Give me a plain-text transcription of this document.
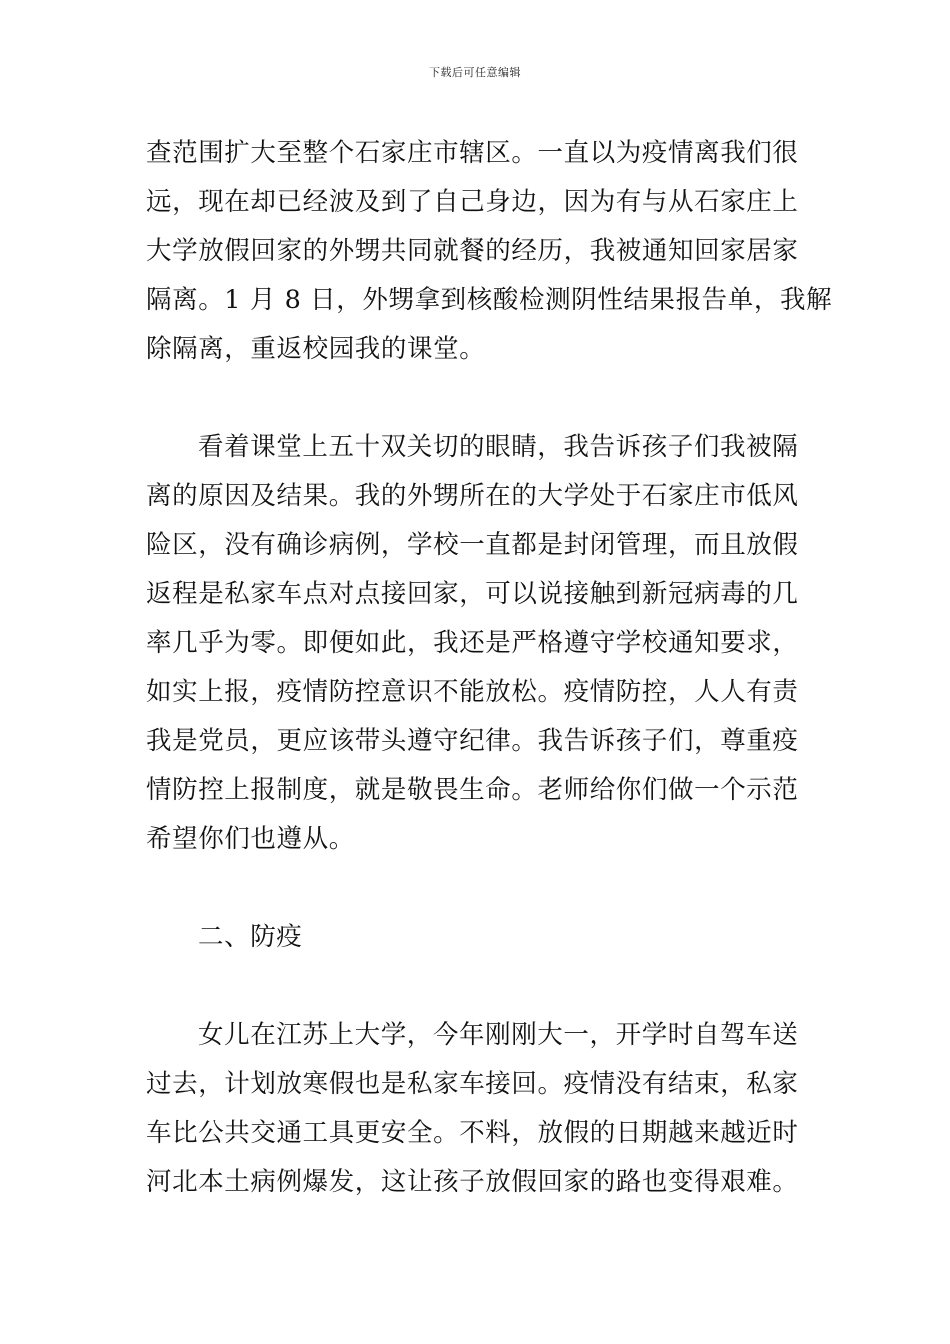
下载后可任意编辑
查范围扩大至整个石家庄市辖区。一直以为疫情离我们很
远，现在却已经波及到了自己身边，因为有与从石家庄上
大学放假回家的外甥共同就餐的经历，我被通知回家居家
隔离。1 月 8 日，外甥拿到核酸检测阴性结果报告单，我解
除隔离，重返校园我的课堂。
看着课堂上五十双关切的眼睛，我告诉孩子们我被隔
离的原因及结果。我的外甥所在的大学处于石家庄市低风
险区，没有确诊病例，学校一直都是封闭管理，而且放假
返程是私家车点对点接回家，可以说接触到新冠病毒的几
率几乎为零。即便如此，我还是严格遵守学校通知要求，
如实上报，疫情防控意识不能放松。疫情防控，人人有责
我是党员，更应该带头遵守纪律。我告诉孩子们，尊重疫
情防控上报制度，就是敬畏生命。老师给你们做一个示范
希望你们也遵从。
二、防疫
女儿在江苏上大学，今年刚刚大一，开学时自驾车送
过去，计划放寒假也是私家车接回。疫情没有结束，私家
车比公共交通工具更安全。不料，放假的日期越来越近时
河北本土病例爆发，这让孩子放假回家的路也变得艰难。
